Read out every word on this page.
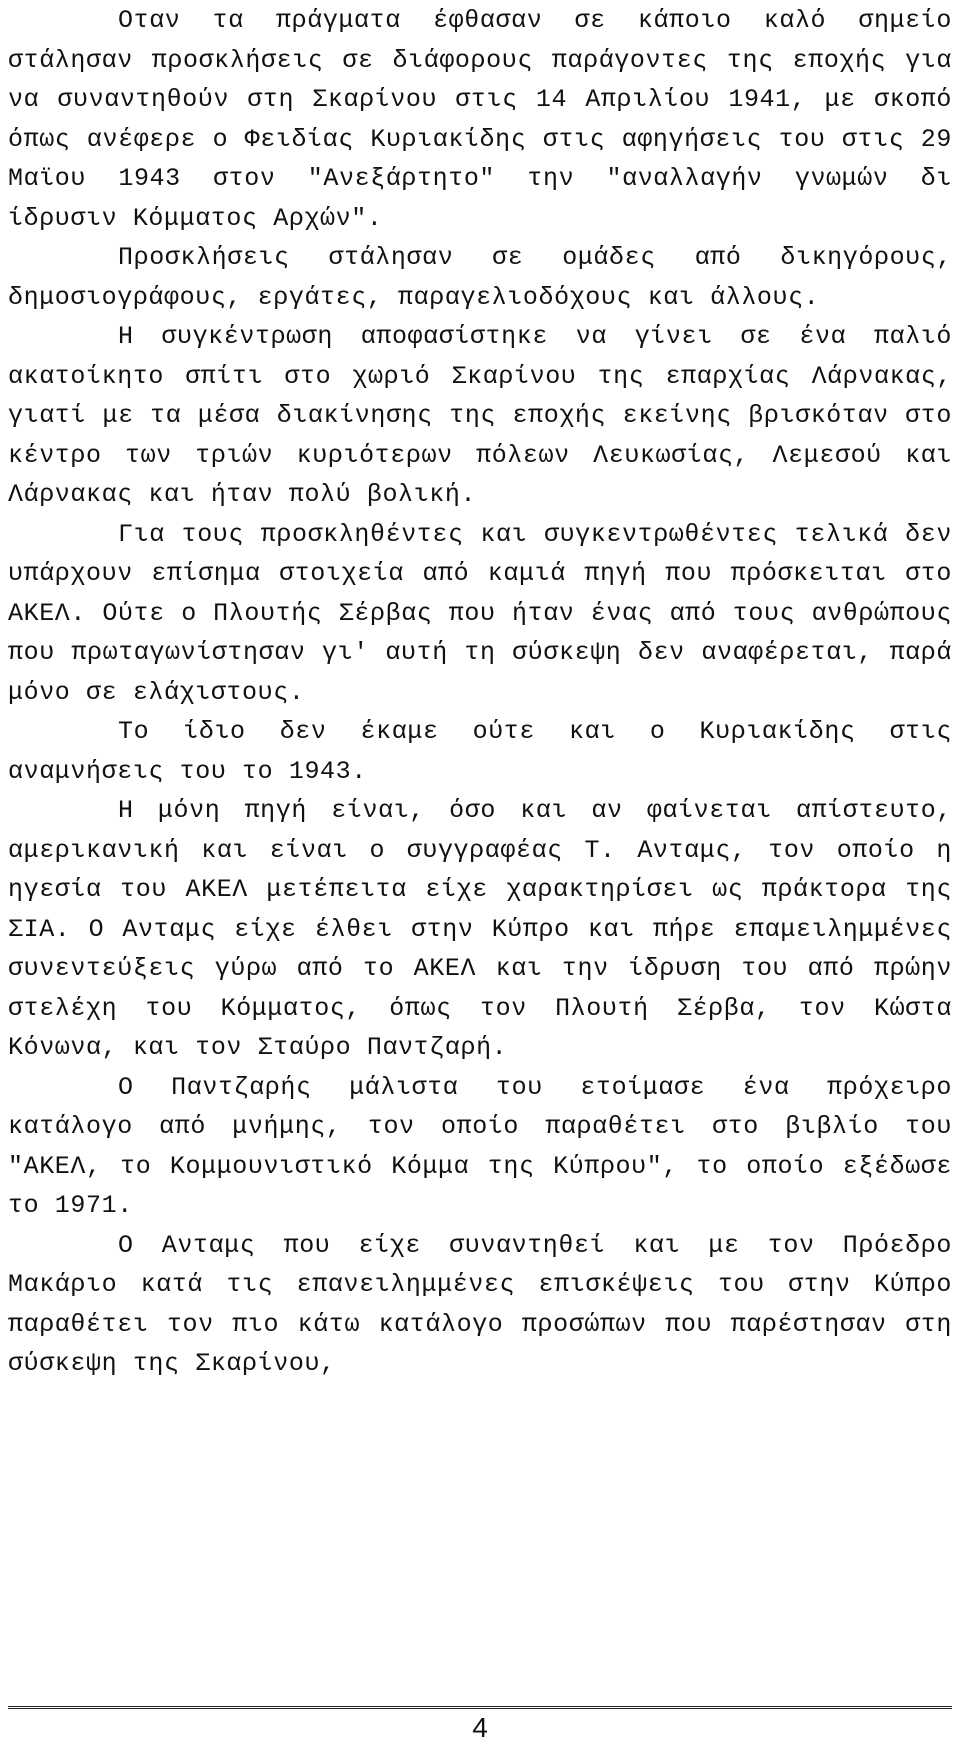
Οταν τα πράγματα έφθασαν σε κάποιο καλό σημείο στάλησαν προσκλήσεις σε διάφορους παράγοντες της εποχής για να συναντηθούν στη Σκαρίνου στις 14 Απριλίου 1941, με σκοπό όπως ανέφερε ο Φειδίας Κυριακίδης στις αφηγήσεις του στις 29 Μαϊου 1943 στον "Ανεξάρτητο" την "αναλλαγήν γνωμών δι ίδρυσιν Κόμματος Αρχών".

Προσκλήσεις στάλησαν σε ομάδες από δικηγόρους, δημοσιογράφους, εργάτες, παραγελιοδόχους και άλλους.

Η συγκέντρωση αποφασίστηκε να γίνει σε ένα παλιό ακατοίκητο σπίτι στο χωριό Σκαρίνου της επαρχίας Λάρνακας, γιατί με τα μέσα διακίνησης της εποχής εκείνης βρισκόταν στο κέντρο των τριών κυριότερων πόλεων Λευκωσίας, Λεμεσού και Λάρνακας και ήταν πολύ βολική.

Για τους προσκληθέντες και συγκεντρωθέντες τελικά δεν υπάρχουν επίσημα στοιχεία από καμιά πηγή που πρόσκειται στο ΑΚΕΛ. Ούτε ο Πλουτής Σέρβας που ήταν ένας από τους ανθρώπους που πρωταγωνίστησαν γι' αυτή τη σύσκεψη δεν αναφέρεται, παρά μόνο σε ελάχιστους.

Το ίδιο δεν έκαμε ούτε και ο Κυριακίδης στις αναμνήσεις του το 1943.

Η μόνη πηγή είναι, όσο και αν φαίνεται απίστευτο, αμερικανική και είναι ο συγγραφέας Τ. Ανταμς, τον οποίο η ηγεσία του ΑΚΕΛ μετέπειτα είχε χαρακτηρίσει ως πράκτορα της ΣΙΑ. Ο Ανταμς είχε έλθει στην Κύπρο και πήρε επαμειλημμένες συνεντεύξεις γύρω από το ΑΚΕΛ και την ίδρυση του από πρώην στελέχη του Κόμματος, όπως τον Πλουτή Σέρβα, τον Κώστα Κόνωνα, και τον Σταύρο Παντζαρή.

Ο Παντζαρής μάλιστα του ετοίμασε ένα πρόχειρο κατάλογο από μνήμης, τον οποίο παραθέτει στο βιβλίο του "ΑΚΕΛ, το Κομμουνιστικό Κόμμα της Κύπρου", το οποίο εξέδωσε το 1971.

Ο Ανταμς που είχε συναντηθεί και με τον Πρόεδρο Μακάριο κατά τις επανειλημμένες επισκέψεις του στην Κύπρο παραθέτει τον πιο κάτω κατάλογο προσώπων που παρέστησαν στη σύσκεψη της Σκαρίνου,

4
